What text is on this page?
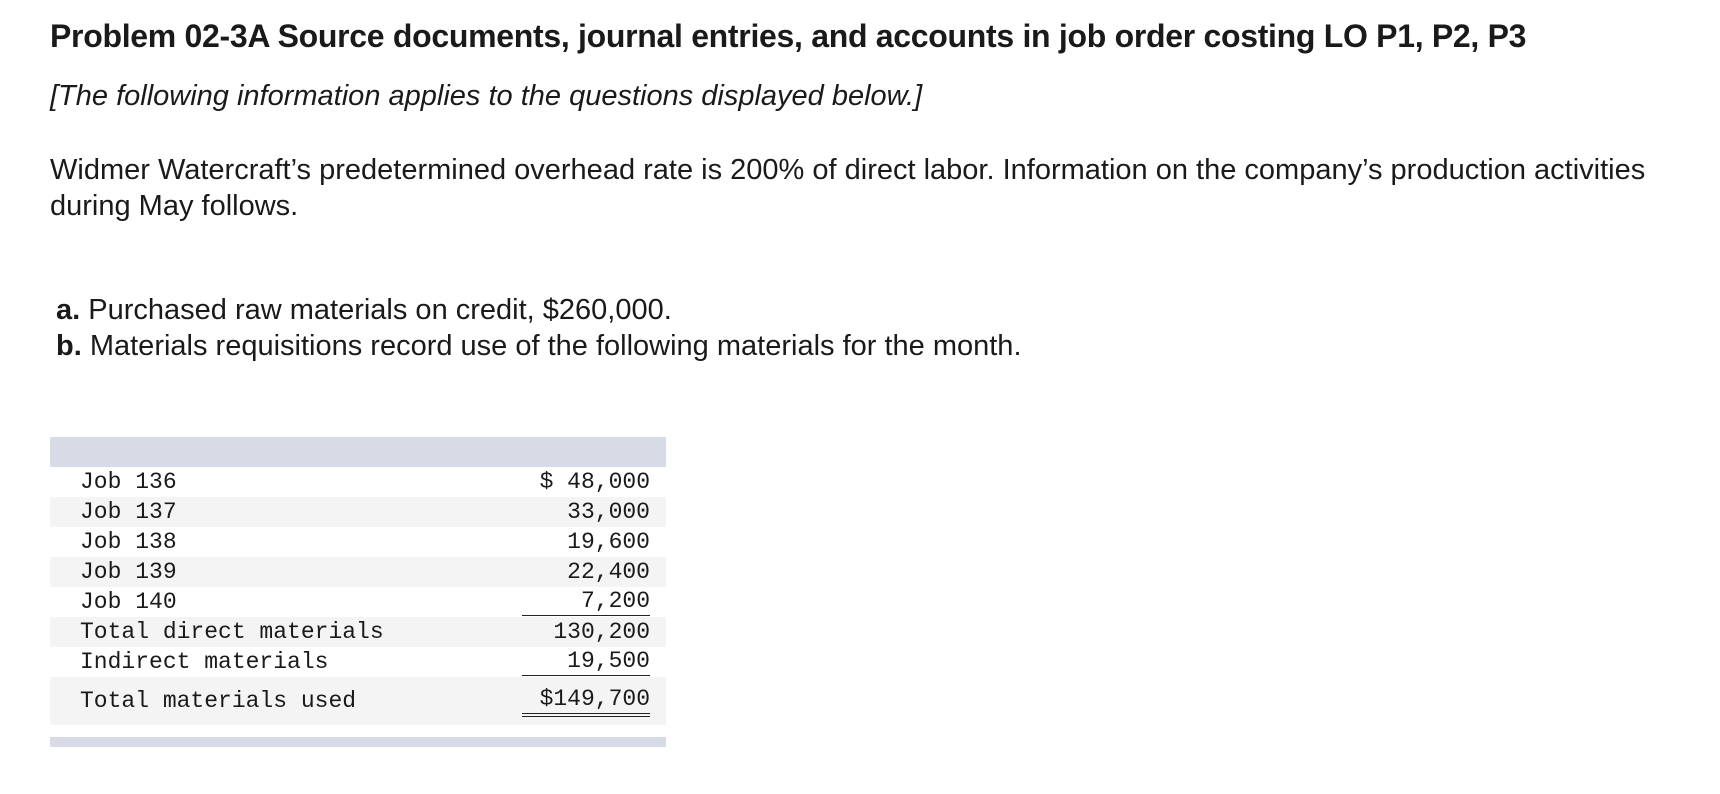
Problem 02-3A Source documents, journal entries, and accounts in job order costing LO P1, P2, P3

[The following information applies to the questions displayed below.]

Widmer Watercraft’s predetermined overhead rate is 200% of direct labor. Information on the company’s production activities during May follows.

a. Purchased raw materials on credit, $260,000.
b. Materials requisitions record use of the following materials for the month.
Job 136	$ 48,000
Job 137	33,000
Job 138	19,600
Job 139	22,400
Job 140	7,200
Total direct materials	130,200
Indirect materials	19,500
Total materials used	$149,700
